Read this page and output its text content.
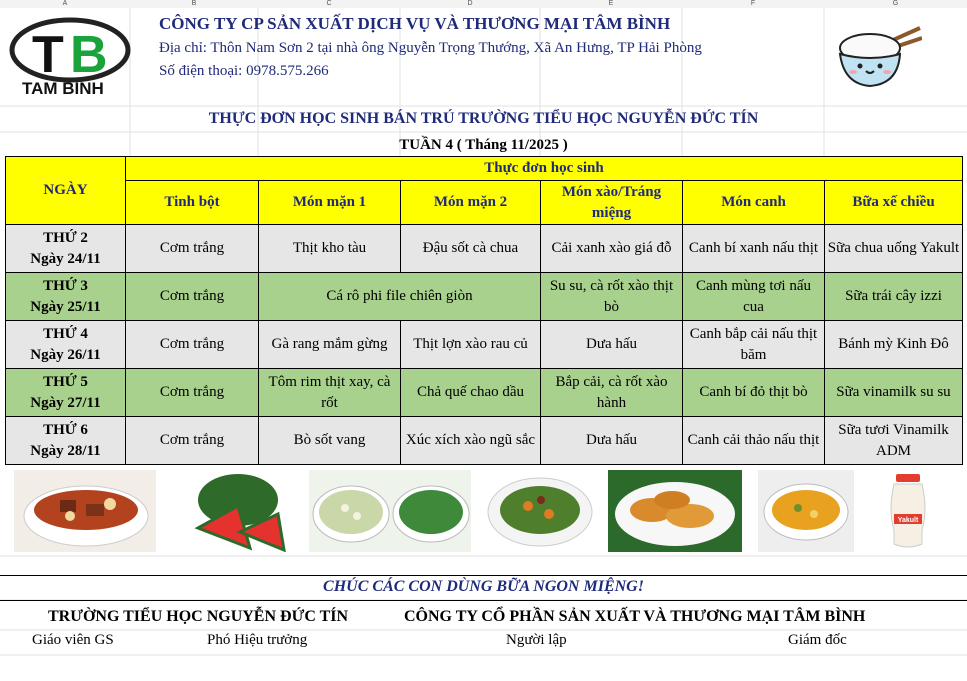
A	B	C	D	E	F	G
T B
TAM BINH
CÔNG TY CP SẢN XUẤT DỊCH VỤ VÀ THƯƠNG MẠI TÂM BÌNH
Địa chỉ: Thôn Nam Sơn 2 tại nhà ông Nguyễn Trọng Thướng, Xã An Hưng, TP Hải Phòng
Số điện thoại: 0978.575.266
THỰC ĐƠN HỌC SINH BÁN TRÚ TRƯỜNG TIỂU HỌC NGUYỄN ĐỨC TÍN
TUẦN 4 ( Tháng 11/2025 )
NGÀY	Thực đơn học sinh					
	Tinh bột	Món mặn 1	Món mặn 2	Món xào/Tráng miệng	Món canh	Bữa xế chiều

THỨ 2
Ngày 24/11	Cơm trắng	Thịt kho tàu	Đậu sốt cà chua	Cải xanh xào giá đỗ	Canh bí xanh nấu thịt	Sữa chua uống Yakult

THỨ 3
Ngày 25/11	Cơm trắng	Cá rô phi file chiên giòn		Su su, cà rốt xào thịt bò	Canh mùng tơi nấu cua	Sữa trái cây izzi

THỨ 4
Ngày 26/11	Cơm trắng	Gà rang mắm gừng	Thịt lợn xào rau củ	Dưa hấu	Canh bắp cải nấu thịt băm	Bánh mỳ Kinh Đô

THỨ 5
Ngày 27/11	Cơm trắng	Tôm rim thịt xay, cà rốt	Chả quế chao dầu	Bắp cải, cà rốt xào hành	Canh bí đỏ thịt bò	Sữa vinamilk su su

THỨ 6
Ngày 28/11	Cơm trắng	Bò sốt vang	Xúc xích xào ngũ sắc	Dưa hấu	Canh cải thảo nấu thịt	Sữa tươi Vinamilk ADM
Yakult
CHÚC CÁC CON DÙNG BỮA NGON MIỆNG!
TRƯỜNG TIỂU HỌC NGUYỄN ĐỨC TÍN	CÔNG TY CỔ PHẦN SẢN XUẤT VÀ THƯƠNG MẠI TÂM BÌNH
Giáo viên GS	Phó Hiệu trưởng	Người lập	Giám đốc
